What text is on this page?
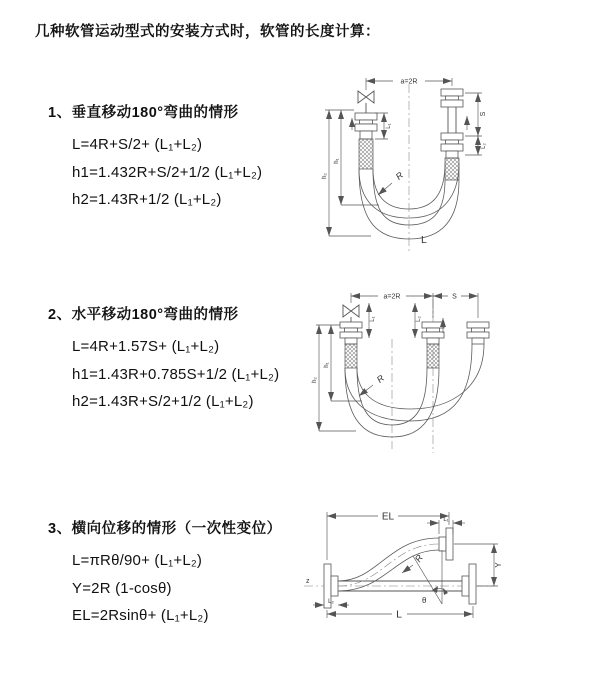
几种软管运动型式的安装方式时，软管的长度计算：
1、垂直移动180°弯曲的情形
L=4R+S/2+ (L₁+L₂)
h1=1.432R+S/2+1/2 (L₁+L₂)
h2=1.43R+1/2 (L₁+L₂)
2、水平移动180°弯曲的情形
L=4R+1.57S+ (L₁+L₂)
h1=1.43R+0.785S+1/2 (L₁+L₂)
h2=1.43R+S/2+1/2 (L₁+L₂)
3、横向位移的情形（一次性变位）
L=πRθ/90+ (L₁+L₂)
Y=2R (1-cosθ)
EL=2Rsinθ+ (L₁+L₂)
a=2R
L₁
S
L₂
h₁
h₂	R
L
a=2R	S
L₁	L₂
h₁
h₂	R
z
θ
EL	L₁
Y
R
L₂
L
